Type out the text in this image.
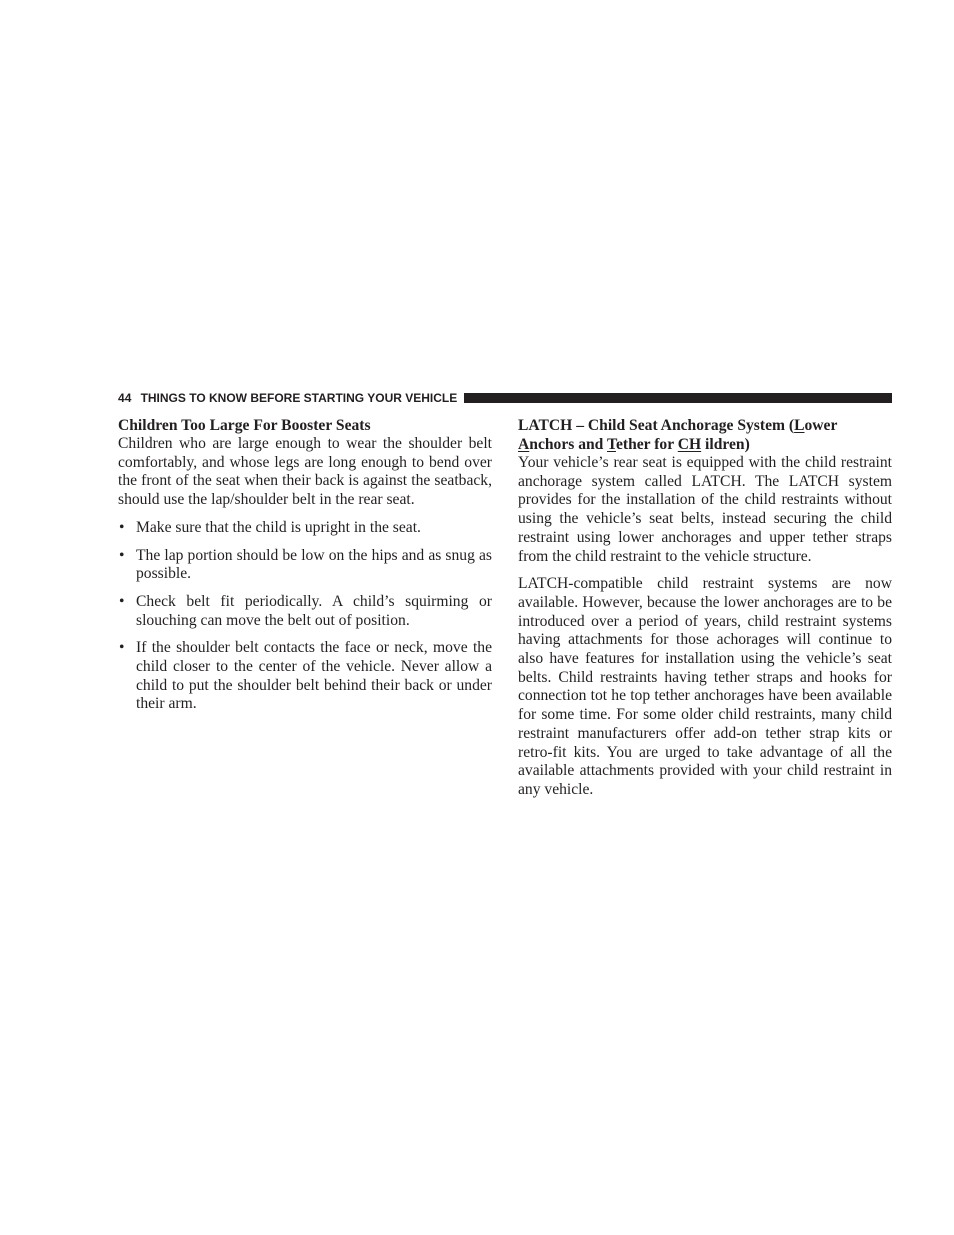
44 THINGS TO KNOW BEFORE STARTING YOUR VEHICLE
Children Too Large For Booster Seats

Children who are large enough to wear the shoulder belt comfortably, and whose legs are long enough to bend over the front of the seat when their back is against the seatback, should use the lap/shoulder belt in the rear seat.

• Make sure that the child is upright in the seat.
• The lap portion should be low on the hips and as snug as possible.
• Check belt fit periodically. A child’s squirming or slouching can move the belt out of position.
• If the shoulder belt contacts the face or neck, move the child closer to the center of the vehicle. Never allow a child to put the shoulder belt behind their back or under their arm.
LATCH – Child Seat Anchorage System (Lower Anchors and Tether for CH ildren)

Your vehicle’s rear seat is equipped with the child restraint anchorage system called LATCH. The LATCH system provides for the installation of the child restraints without using the vehicle’s seat belts, instead securing the child restraint using lower anchorages and upper tether straps from the child restraint to the vehicle structure.

LATCH-compatible child restraint systems are now available. However, because the lower anchorages are to be introduced over a period of years, child restraint systems having attachments for those achorages will continue to also have features for installation using the vehicle’s seat belts. Child restraints having tether straps and hooks for connection tot he top tether anchorages have been available for some time. For some older child restraints, many child restraint manufacturers offer add-on tether strap kits or retro-fit kits. You are urged to take advantage of all the available attachments provided with your child restraint in any vehicle.
